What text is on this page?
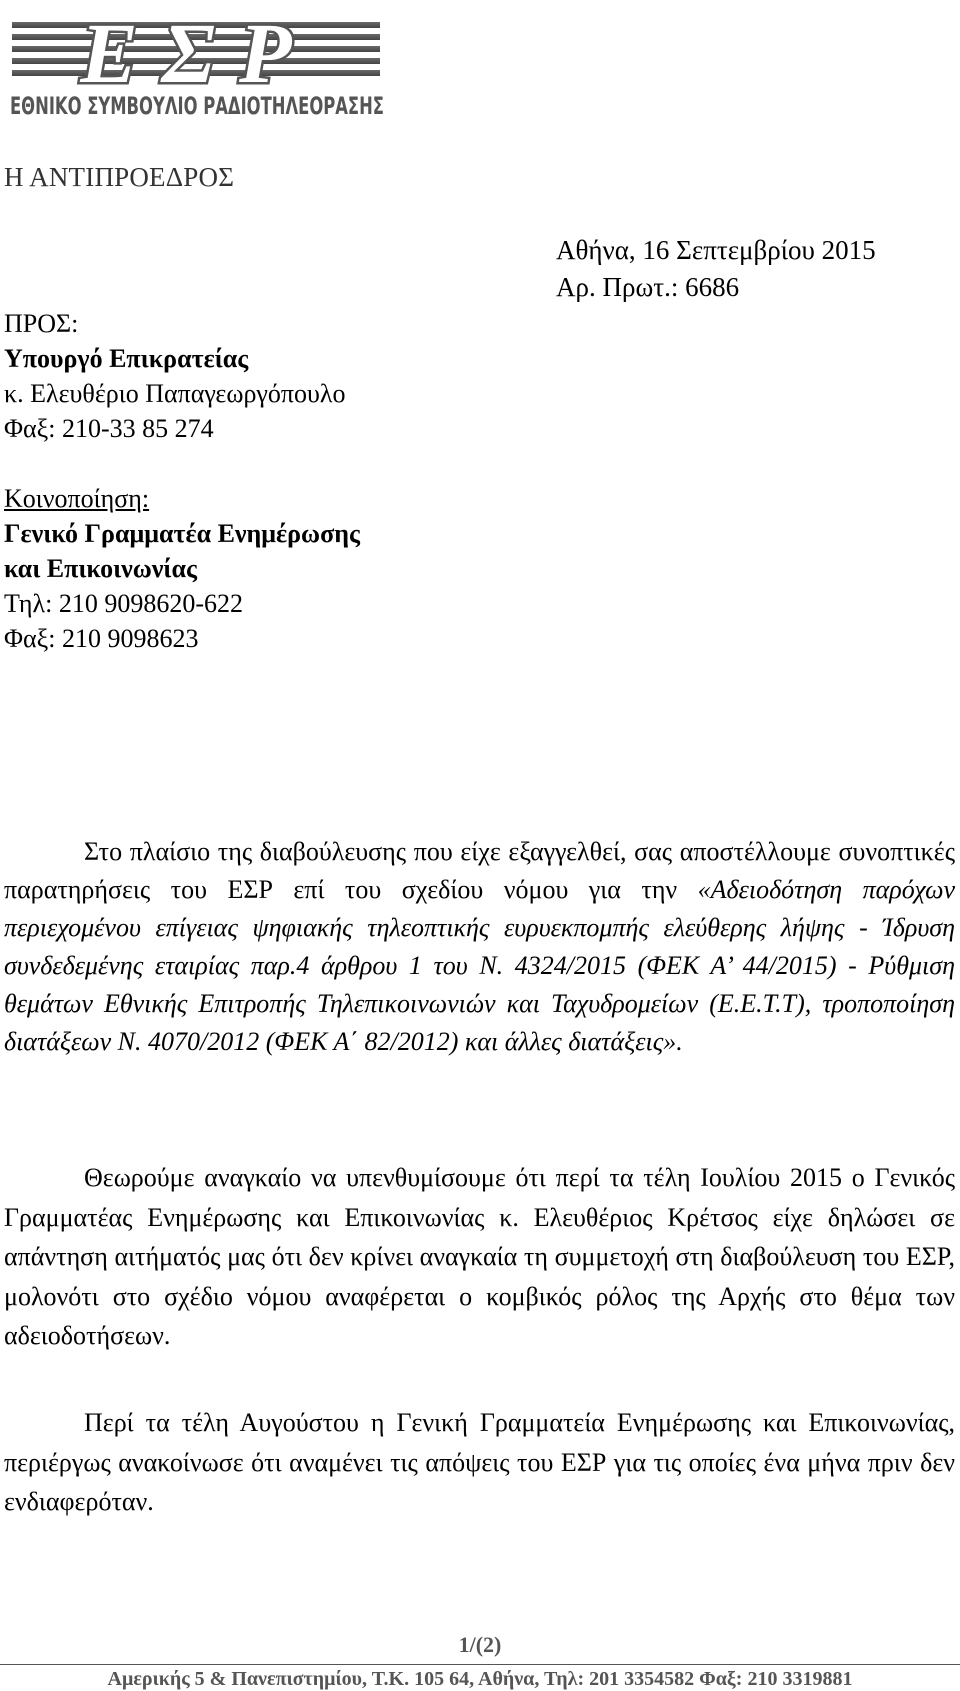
ΕΣΡ
ΕΘΝΙΚΟ ΣΥΜΒΟΥΛΙΟ ΡΑΔΙΟΤΗΛΕΟΡΑΣΗΣ
Η ΑΝΤΙΠΡΟΕΔΡΟΣ
Αθήνα, 16 Σεπτεμβρίου 2015
Αρ. Πρωτ.: 6686
ΠΡΟΣ:
Υπουργό Επικρατείας
κ. Ελευθέριο Παπαγεωργόπουλο
Φαξ: 210-33 85 274
Κοινοποίηση:
Γενικό Γραμματέα Ενημέρωσης
και Επικοινωνίας
Τηλ: 210 9098620-622
Φαξ: 210 9098623

Στο πλαίσιο της διαβούλευσης που είχε εξαγγελθεί, σας αποστέλλουμε συνοπτικές παρατηρήσεις του ΕΣΡ επί του σχεδίου νόμου για την «Αδειοδότηση παρόχων περιεχομένου επίγειας ψηφιακής τηλεοπτικής ευρυεκπομπής ελεύθερης λήψης - Ίδρυση συνδεδεμένης εταιρίας παρ.4 άρθρου 1 του Ν. 4324/2015 (ΦΕΚ Α’ 44/2015) - Ρύθμιση θεμάτων Εθνικής Επιτροπής Τηλεπικοινωνιών και Ταχυδρομείων (Ε.Ε.Τ.Τ), τροποποίηση διατάξεων Ν. 4070/2012 (ΦΕΚ Α΄ 82/2012) και άλλες διατάξεις».

Θεωρούμε αναγκαίο να υπενθυμίσουμε ότι περί τα τέλη Ιουλίου 2015 ο Γενικός Γραμματέας Ενημέρωσης και Επικοινωνίας κ. Ελευθέριος Κρέτσος είχε δηλώσει σε απάντηση αιτήματός μας ότι δεν κρίνει αναγκαία τη συμμετοχή στη διαβούλευση του ΕΣΡ, μολονότι στο σχέδιο νόμου αναφέρεται ο κομβικός ρόλος της Αρχής στο θέμα των αδειοδοτήσεων.

Περί τα τέλη Αυγούστου η Γενική Γραμματεία Ενημέρωσης και Επικοινωνίας, περιέργως ανακοίνωσε ότι αναμένει τις απόψεις του ΕΣΡ για τις οποίες ένα μήνα πριν δεν ενδιαφερόταν.

1/(2)
Αμερικής 5 & Πανεπιστημίου, Τ.Κ. 105 64, Αθήνα, Τηλ: 201 3354582 Φαξ: 210 3319881
